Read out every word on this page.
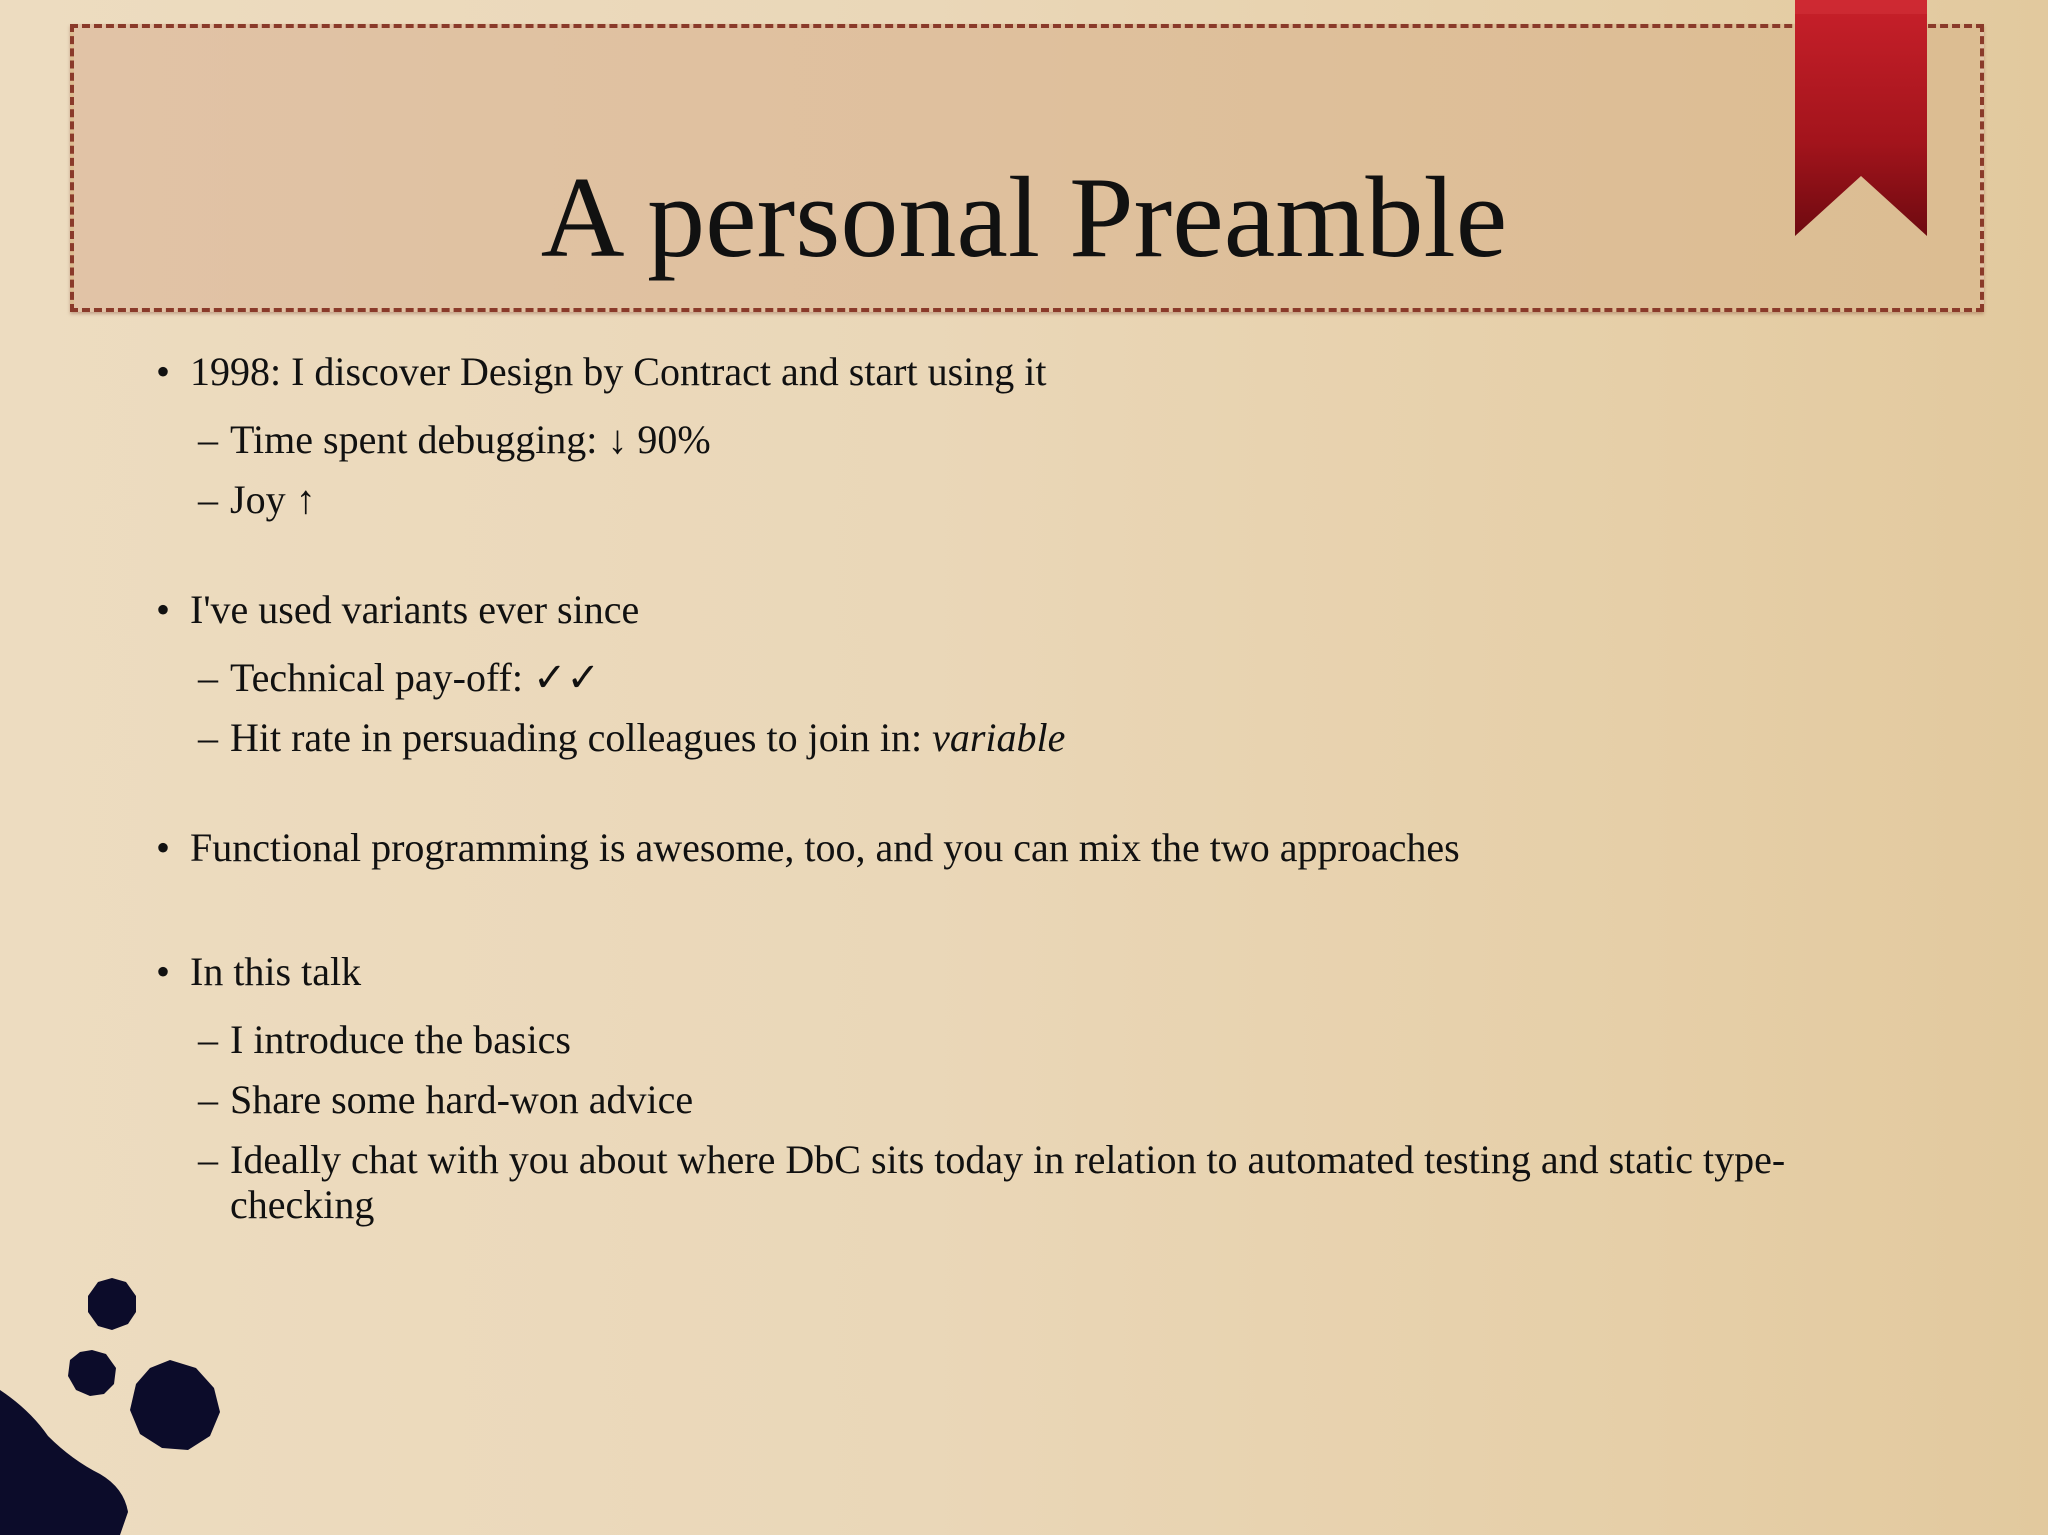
A personal Preamble
• 1998: I discover Design by Contract and start using it
– Time spent debugging: ↓ 90%
– Joy ↑
• I've used variants ever since
– Technical pay-off: ✓✓
– Hit rate in persuading colleagues to join in: variable
• Functional programming is awesome, too, and you can mix the two approaches
• In this talk
– I introduce the basics
– Share some hard-won advice
– Ideally chat with you about where DbC sits today in relation to automated testing and static type-checking
